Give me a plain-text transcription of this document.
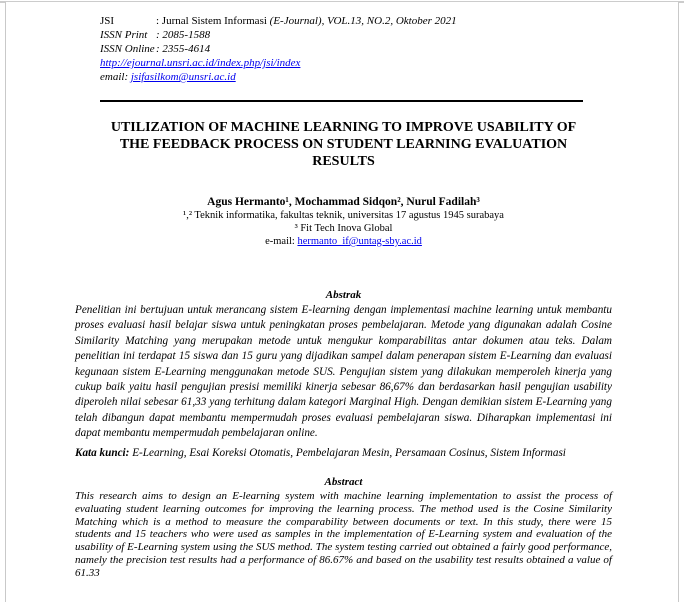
JSI	: Jurnal Sistem Informasi (E-Journal), VOL.13, NO.2, Oktober 2021
ISSN Print : 2085-1588
ISSN Online: 2355-4614
http://ejournal.unsri.ac.id/index.php/jsi/index
email: jsifasilkom@unsri.ac.id
UTILIZATION OF MACHINE LEARNING TO IMPROVE USABILITY OF
THE FEEDBACK PROCESS ON STUDENT LEARNING EVALUATION
RESULTS
Agus Hermanto¹, Mochammad Sidqon², Nurul Fadilah³
¹,² Teknik informatika, fakultas teknik, universitas 17 agustus 1945 surabaya
³ Fit Tech Inova Global
e-mail: hermanto_if@untag-sby.ac.id
Abstrak

Penelitian ini bertujuan untuk merancang sistem E-learning dengan implementasi machine learning untuk membantu proses evaluasi hasil belajar siswa untuk peningkatan proses pembelajaran. Metode yang digunakan adalah Cosine Similarity Matching yang merupakan metode untuk mengukur komparabilitas antar dokumen atau teks. Dalam penelitian ini terdapat 15 siswa dan 15 guru yang dijadikan sampel dalam penerapan sistem E-Learning dan evaluasi kegunaan sistem E-Learning menggunakan metode SUS. Pengujian sistem yang dilakukan memperoleh kinerja yang cukup baik yaitu hasil pengujian presisi memiliki kinerja sebesar 86,67% dan berdasarkan hasil pengujian usability diperoleh nilai sebesar 61,33 yang terhitung dalam kategori Marginal High. Dengan demikian sistem E-Learning yang telah dibangun dapat membantu mempermudah proses evaluasi pembelajaran siswa. Diharapkan implementasi ini dapat membantu mempermudah pembelajaran online.

Kata kunci: E-Learning, Esai Koreksi Otomatis, Pembelajaran Mesin, Persamaan Cosinus, Sistem Informasi

Abstract

This research aims to design an E-learning system with machine learning implementation to assist the process of evaluating student learning outcomes for improving the learning process. The method used is the Cosine Similarity Matching which is a method to measure the comparability between documents or text. In this study, there were 15 students and 15 teachers who were used as samples in the implementation of E-Learning system and evaluation of the usability of E-Learning system using the SUS method. The system testing carried out obtained a fairly good performance, namely the precision test results had a performance of 86.67% and based on the usability test results obtained a value of 61.33
